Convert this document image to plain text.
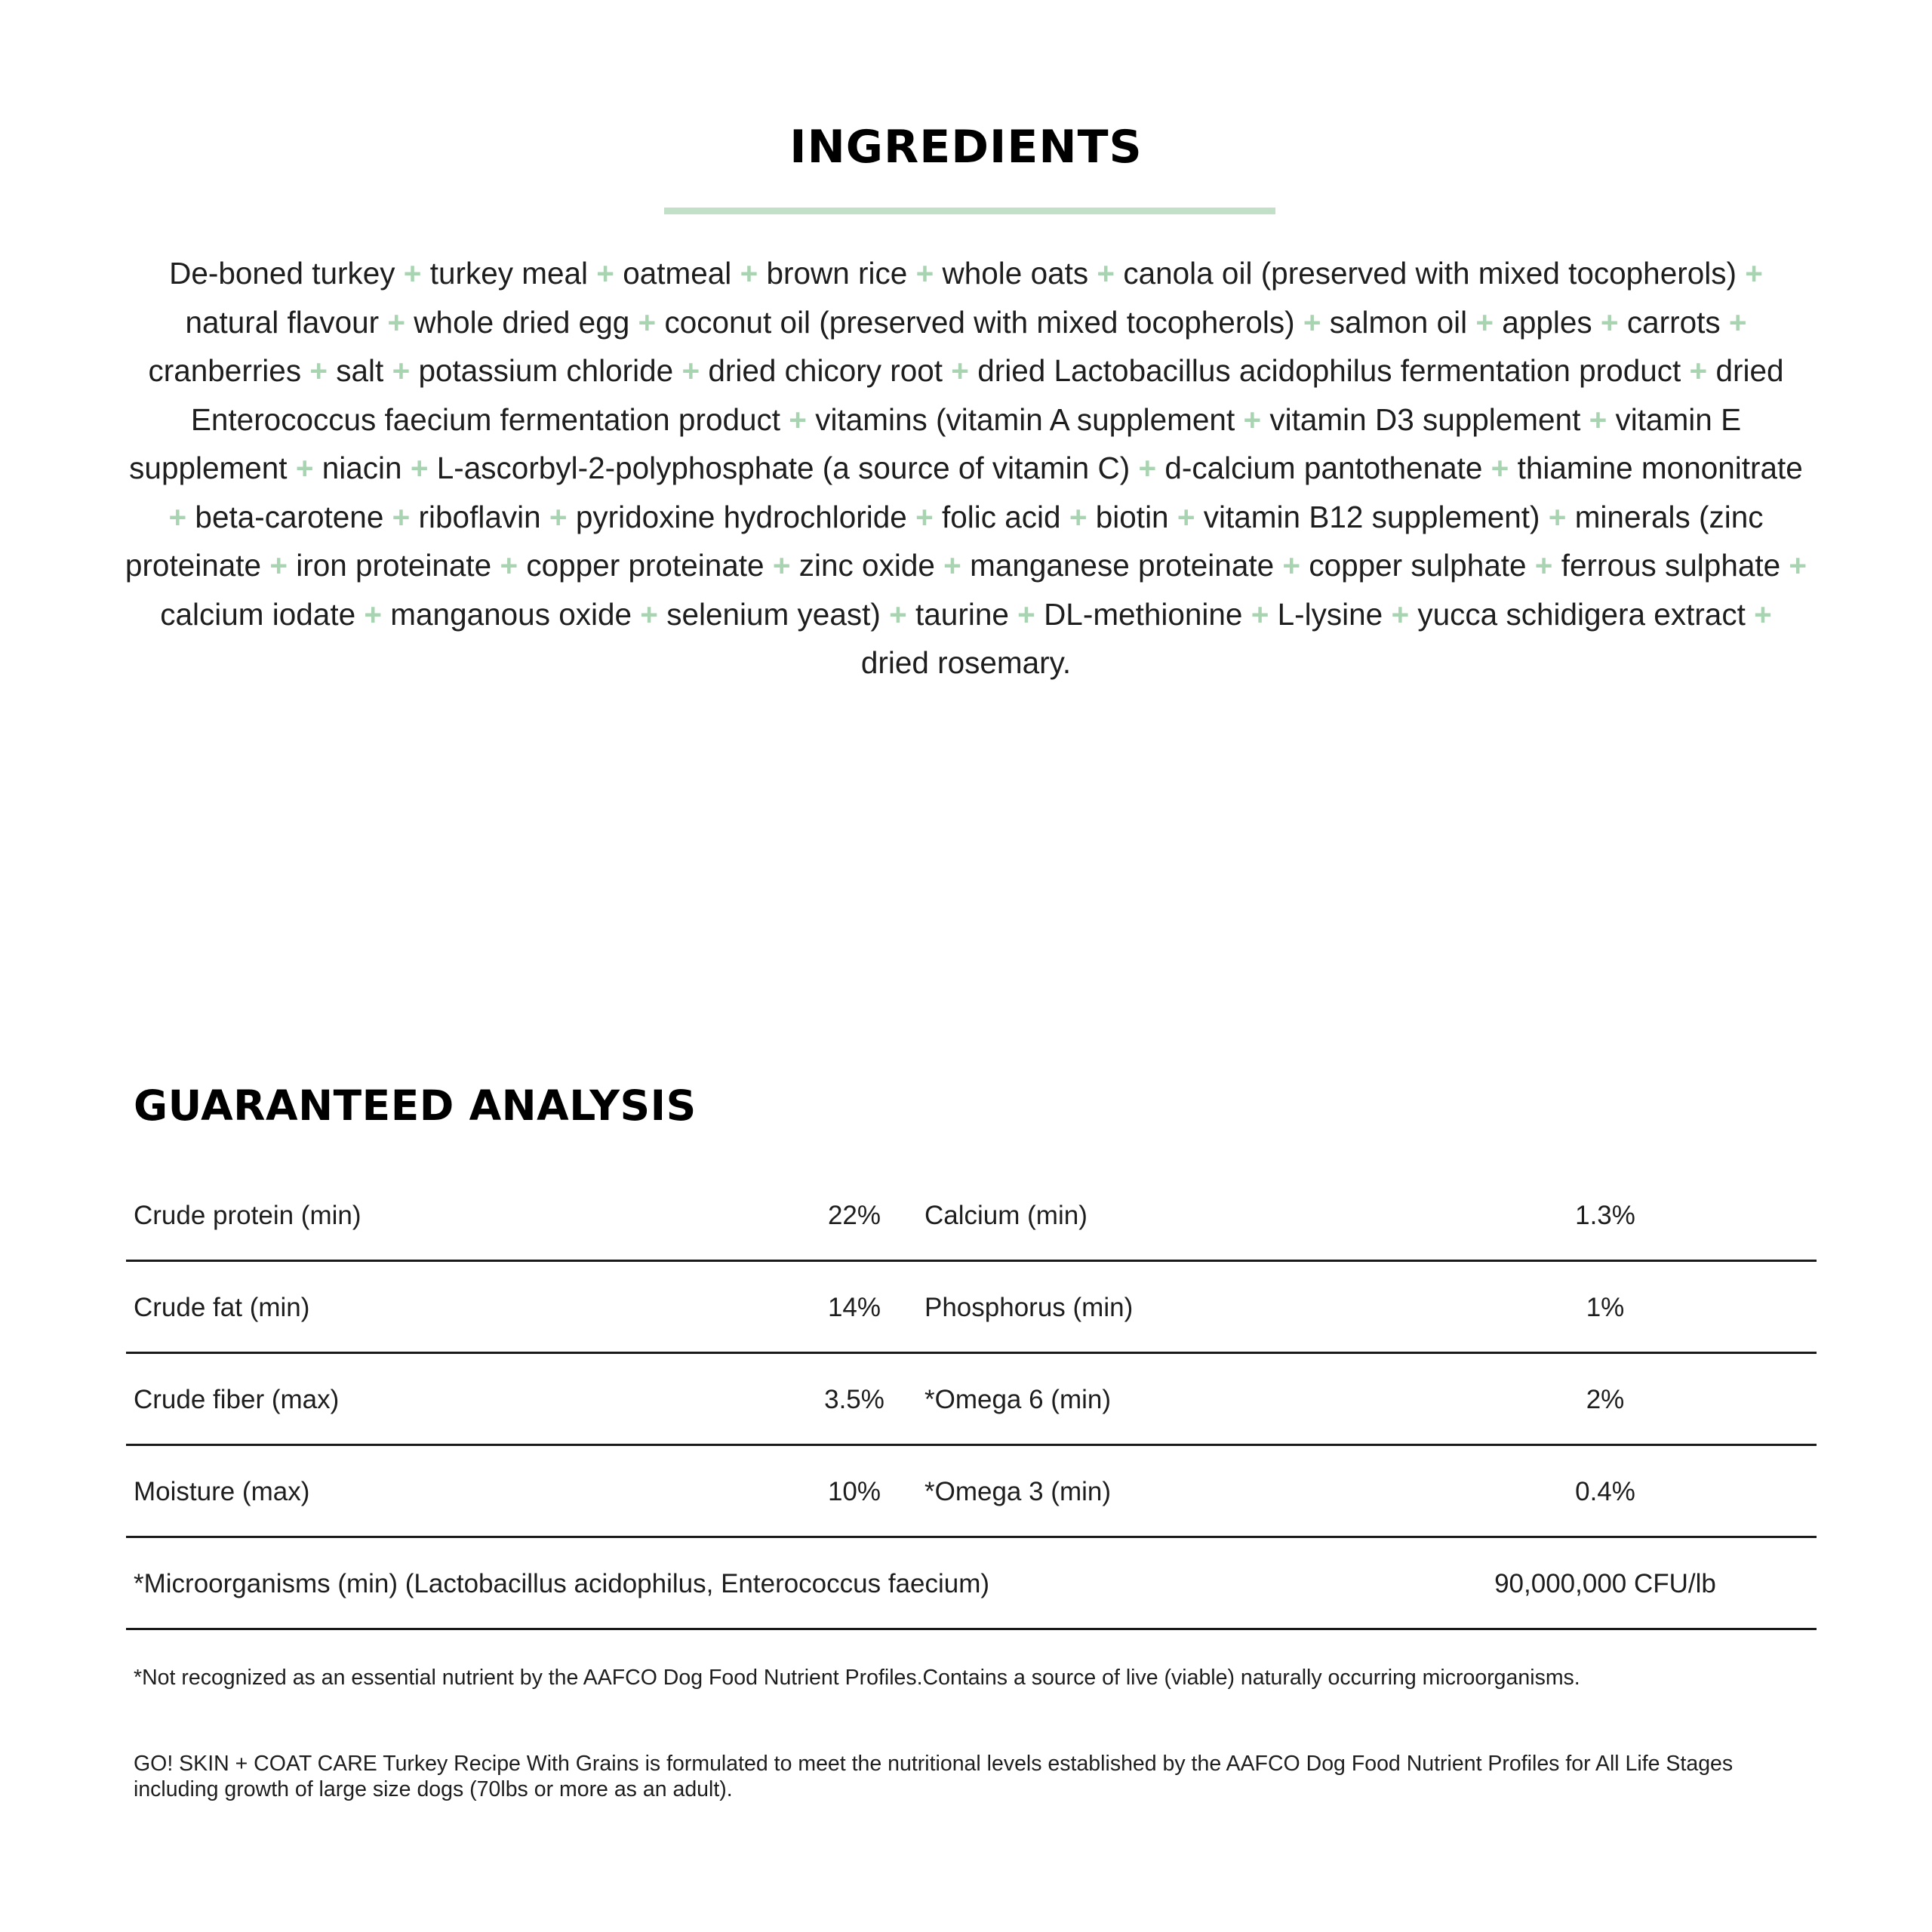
INGREDIENTS

De-boned turkey + turkey meal + oatmeal + brown rice + whole oats + canola oil (preserved with mixed tocopherols) + natural flavour + whole dried egg + coconut oil (preserved with mixed tocopherols) + salmon oil + apples + carrots + cranberries + salt + potassium chloride + dried chicory root + dried Lactobacillus acidophilus fermentation product + dried Enterococcus faecium fermentation product + vitamins (vitamin A supplement + vitamin D3 supplement + vitamin E supplement + niacin + L-ascorbyl-2-polyphosphate (a source of vitamin C) + d-calcium pantothenate + thiamine mononitrate + beta-carotene + riboflavin + pyridoxine hydrochloride + folic acid + biotin + vitamin B12 supplement) + minerals (zinc proteinate + iron proteinate + copper proteinate + zinc oxide + manganese proteinate + copper sulphate + ferrous sulphate + calcium iodate + manganous oxide + selenium yeast) + taurine + DL-methionine + L-lysine + yucca schidigera extract + dried rosemary.

GUARANTEED ANALYSIS
Crude protein (min)	22%	Calcium (min)	1.3%
Crude fat (min)	14%	Phosphorus (min)	1%
Crude fiber (max)	3.5%	*Omega 6 (min)	2%
Moisture (max)	10%	*Omega 3 (min)	0.4%
*Microorganisms (min) (Lactobacillus acidophilus, Enterococcus faecium)	90,000,000 CFU/lb

*Not recognized as an essential nutrient by the AAFCO Dog Food Nutrient Profiles.Contains a source of live (viable) naturally occurring microorganisms.

GO! SKIN + COAT CARE Turkey Recipe With Grains is formulated to meet the nutritional levels established by the AAFCO Dog Food Nutrient Profiles for All Life Stages including growth of large size dogs (70lbs or more as an adult).
